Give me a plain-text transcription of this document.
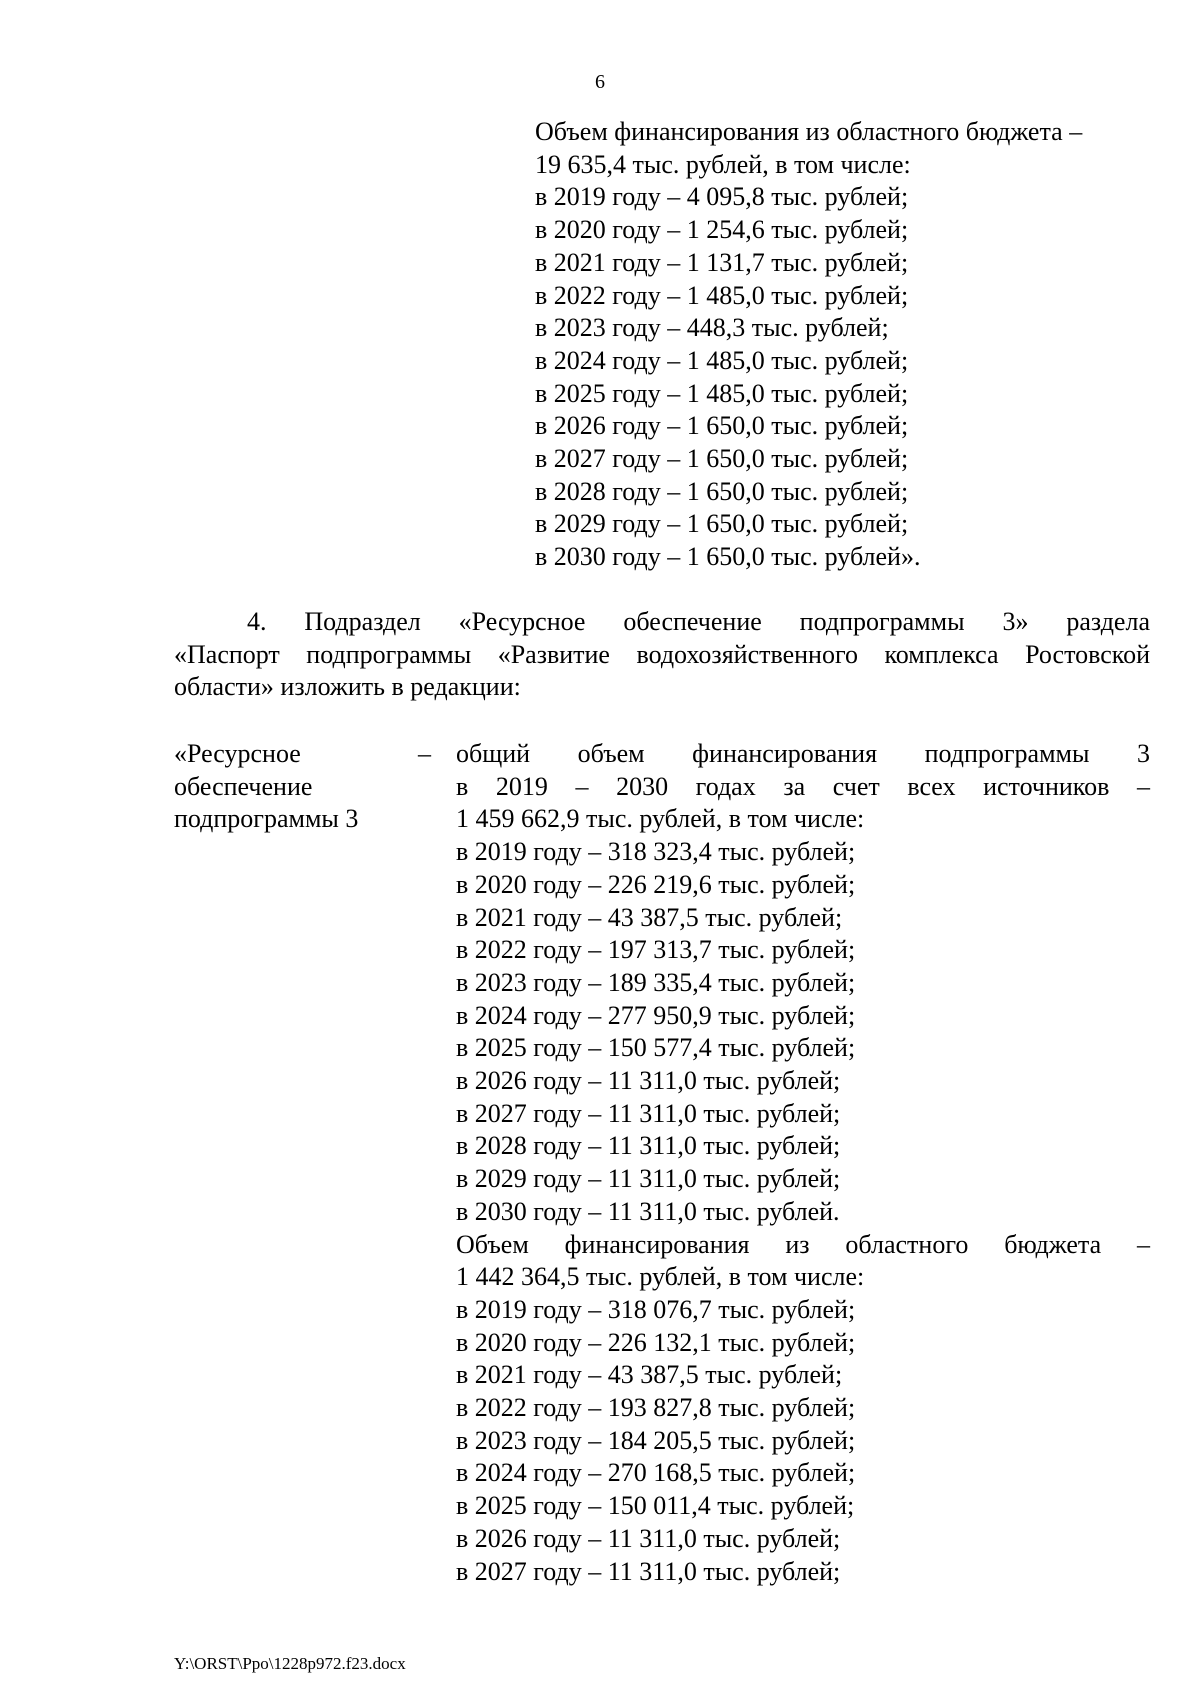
6
Объем финансирования из областного бюджета –
19 635,4 тыс. рублей, в том числе:
в 2019 году – 4 095,8 тыс. рублей;
в 2020 году – 1 254,6 тыс. рублей;
в 2021 году – 1 131,7 тыс. рублей;
в 2022 году – 1 485,0 тыс. рублей;
в 2023 году – 448,3 тыс. рублей;
в 2024 году – 1 485,0 тыс. рублей;
в 2025 году – 1 485,0 тыс. рублей;
в 2026 году – 1 650,0 тыс. рублей;
в 2027 году – 1 650,0 тыс. рублей;
в 2028 году – 1 650,0 тыс. рублей;
в 2029 году – 1 650,0 тыс. рублей;
в 2030 году – 1 650,0 тыс. рублей».
4. Подраздел «Ресурсное обеспечение подпрограммы 3» раздела
«Паспорт подпрограммы «Развитие водохозяйственного комплекса Ростовской
области» изложить в редакции:
«Ресурсное
обеспечение
подпрограммы 3
– общий объем финансирования подпрограммы 3
в 2019 – 2030 годах за счет всех источников –
1 459 662,9 тыс. рублей, в том числе:
в 2019 году – 318 323,4 тыс. рублей;
в 2020 году – 226 219,6 тыс. рублей;
в 2021 году – 43 387,5 тыс. рублей;
в 2022 году – 197 313,7 тыс. рублей;
в 2023 году – 189 335,4 тыс. рублей;
в 2024 году – 277 950,9 тыс. рублей;
в 2025 году – 150 577,4 тыс. рублей;
в 2026 году – 11 311,0 тыс. рублей;
в 2027 году – 11 311,0 тыс. рублей;
в 2028 году – 11 311,0 тыс. рублей;
в 2029 году – 11 311,0 тыс. рублей;
в 2030 году – 11 311,0 тыс. рублей.
Объем финансирования из областного бюджета –
1 442 364,5 тыс. рублей, в том числе:
в 2019 году – 318 076,7 тыс. рублей;
в 2020 году – 226 132,1 тыс. рублей;
в 2021 году – 43 387,5 тыс. рублей;
в 2022 году – 193 827,8 тыс. рублей;
в 2023 году – 184 205,5 тыс. рублей;
в 2024 году – 270 168,5 тыс. рублей;
в 2025 году – 150 011,4 тыс. рублей;
в 2026 году – 11 311,0 тыс. рублей;
в 2027 году – 11 311,0 тыс. рублей;
Y:\ORST\Ppo\1228p972.f23.docx
